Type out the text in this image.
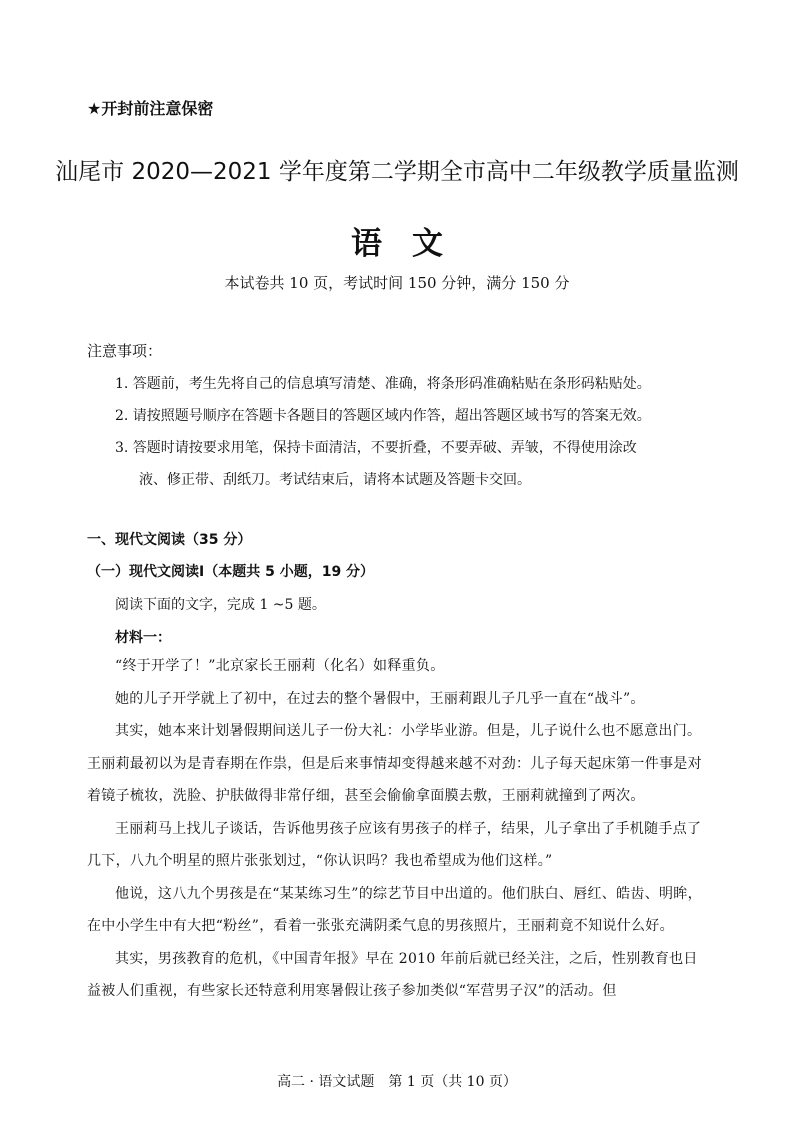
★开封前注意保密
汕尾市 2020—2021 学年度第二学期全市高中二年级教学质量监测
语文
本试卷共 10 页，考试时间 150 分钟，满分 150 分
注意事项：
1. 答题前，考生先将自己的信息填写清楚、准确，将条形码准确粘贴在条形码粘贴处。
2. 请按照题号顺序在答题卡各题目的答题区域内作答，超出答题区域书写的答案无效。
3. 答题时请按要求用笔，保持卡面清洁，不要折叠，不要弄破、弄皱，不得使用涂改
液、修正带、刮纸刀。考试结束后，请将本试题及答题卡交回。
一、现代文阅读（35 分）
（一）现代文阅读Ⅰ（本题共 5 小题，19 分）
阅读下面的文字，完成 1 ~5 题。
材料一：
“终于开学了！”北京家长王丽莉（化名）如释重负。
她的儿子开学就上了初中，在过去的整个暑假中，王丽莉跟儿子几乎一直在“战斗”。
其实，她本来计划暑假期间送儿子一份大礼：小学毕业游。但是，儿子说什么也不愿意出门。王丽莉最初以为是青春期在作祟，但是后来事情却变得越来越不对劲：儿子每天起床第一件事是对着镜子梳妆，洗脸、护肤做得非常仔细，甚至会偷偷拿面膜去敷，王丽莉就撞到了两次。
王丽莉马上找儿子谈话，告诉他男孩子应该有男孩子的样子，结果，儿子拿出了手机随手点了几下，八九个明星的照片张张划过，“你认识吗？我也希望成为他们这样。”
他说，这八九个男孩是在“某某练习生”的综艺节目中出道的。他们肤白、唇红、皓齿、明眸，在中小学生中有大把“粉丝”，看着一张张充满阴柔气息的男孩照片，王丽莉竟不知说什么好。
其实，男孩教育的危机，《中国青年报》早在 2010 年前后就已经关注，之后，性别教育也日益被人们重视，有些家长还特意利用寒暑假让孩子参加类似“军营男子汉”的活动。但
高二 · 语文试题　第 1 页（共 10 页）
